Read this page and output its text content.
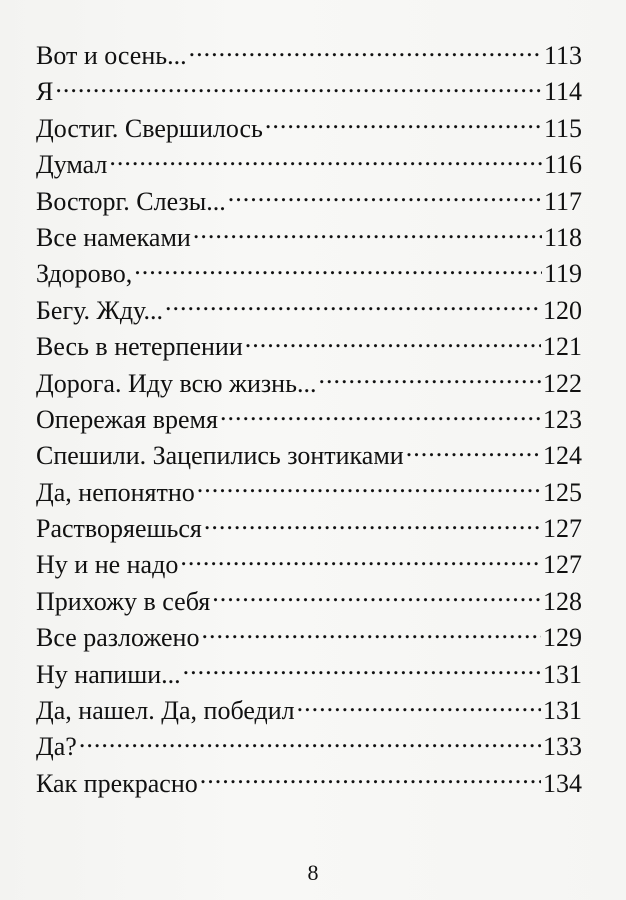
Вот и осень... .....	113
Я .....	114
Достиг. Свершилось .....	115
Думал .....	116
Восторг. Слезы... .....	117
Все намеками .....	118
Здорово, .....	119
Бегу. Жду... .....	120
Весь в нетерпении .....	121
Дорога. Иду всю жизнь... .....	122
Опережая время .....	123
Спешили. Зацепились зонтиками .....	124
Да, непонятно .....	125
Растворяешься .....	127
Ну и не надо .....	127
Прихожу в себя .....	128
Все разложено .....	129
Ну напиши... .....	131
Да, нашел. Да, победил .....	131
Да? .....	133
Как прекрасно .....	134
8
